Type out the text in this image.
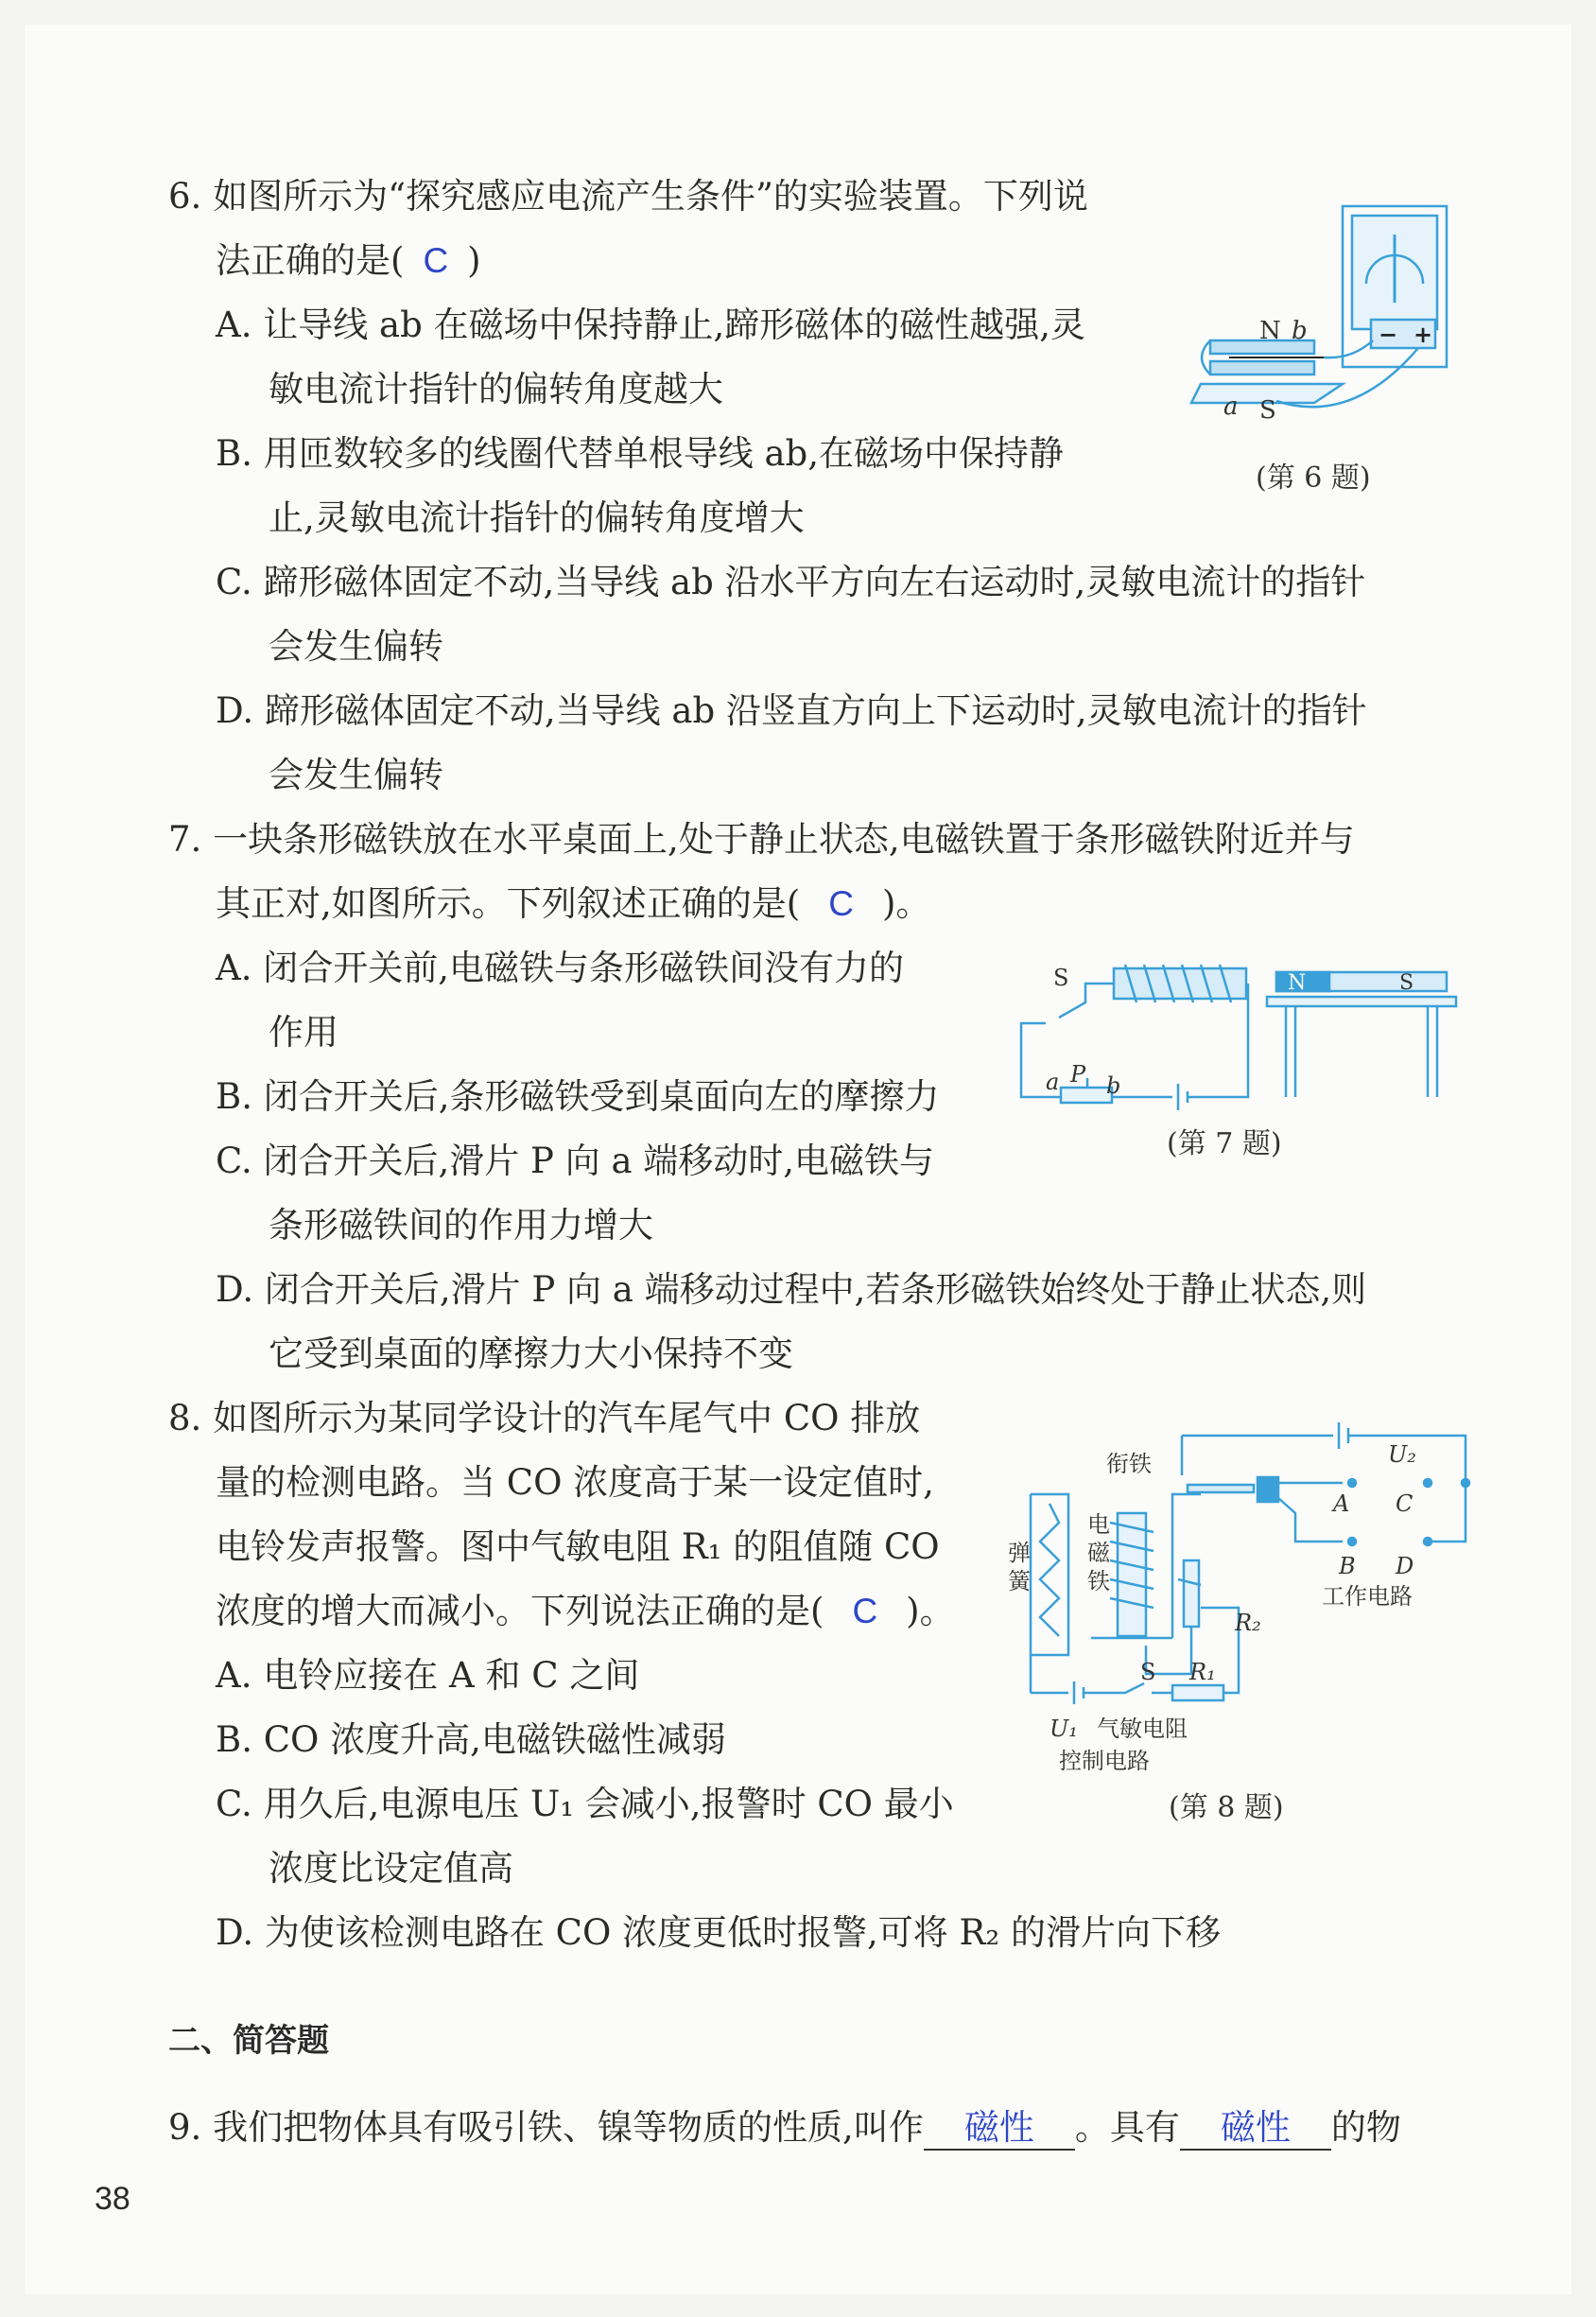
6. 如图所示为“探究感应电流产生条件”的实验装置。下列说
法正确的是( C )
A. 让导线 ab 在磁场中保持静止,蹄形磁体的磁性越强,灵
敏电流计指针的偏转角度越大
B. 用匝数较多的线圈代替单根导线 ab,在磁场中保持静
止,灵敏电流计指针的偏转角度增大
C. 蹄形磁体固定不动,当导线 ab 沿水平方向左右运动时,灵敏电流计的指针
会发生偏转
D. 蹄形磁体固定不动,当导线 ab 沿竖直方向上下运动时,灵敏电流计的指针
会发生偏转
N b
a S
− +
(第 6 题)
7. 一块条形磁铁放在水平桌面上,处于静止状态,电磁铁置于条形磁铁附近并与
其正对,如图所示。下列叙述正确的是( C )。
A. 闭合开关前,电磁铁与条形磁铁间没有力的
作用
B. 闭合开关后,条形磁铁受到桌面向左的摩擦力
C. 闭合开关后,滑片 P 向 a 端移动时,电磁铁与
条形磁铁间的作用力增大
D. 闭合开关后,滑片 P 向 a 端移动过程中,若条形磁铁始终处于静止状态,则
它受到桌面的摩擦力大小保持不变
S	N	S
a P b
(第 7 题)
8. 如图所示为某同学设计的汽车尾气中 CO 排放
量的检测电路。当 CO 浓度高于某一设定值时,
电铃发声报警。图中气敏电阻 R₁ 的阻值随 CO
浓度的增大而减小。下列说法正确的是( C )。
A. 电铃应接在 A 和 C 之间
B. CO 浓度升高,电磁铁磁性减弱
C. 用久后,电源电压 U₁ 会减小,报警时 CO 最小
浓度比设定值高
D. 为使该检测电路在 CO 浓度更低时报警,可将 R₂ 的滑片向下移
衔铁	U₂
A C
B D
工作电路
弹
簧
电
磁
铁
R₂
S R₁
U₁ 气敏电阻
控制电路
(第 8 题)
二、简答题
9. 我们把物体具有吸引铁、镍等物质的性质,叫作 磁性 。具有 磁性 的物
38
